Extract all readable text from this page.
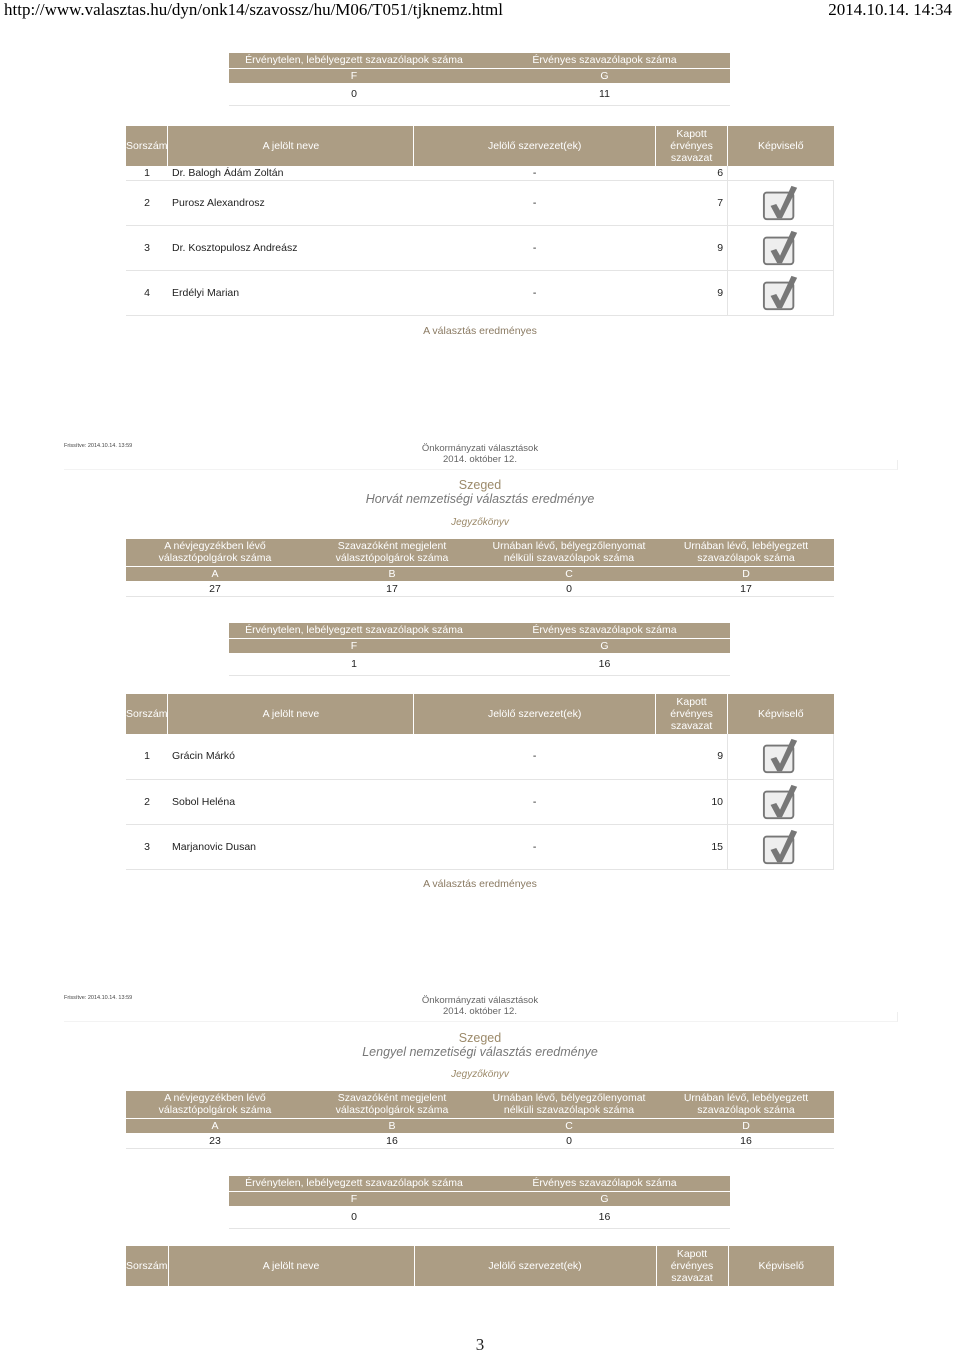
http://www.valasztas.hu/dyn/onk14/szavossz/hu/M06/T051/tjknemz.html	2014.10.14. 14:34
Érvénytelen, lebélyegzett szavazólapok száma	Érvényes szavazólapok száma
F	G
0	11
Sorszám	A jelölt neve	Jelölő szervezet(ek)	Kapott érvényes szavazat	Képviselő
1	Dr. Balogh Ádám Zoltán	-	6	
2	Purosz Alexandrosz	-	7	

3	Dr. Kosztopulosz Andreász	-	9	

4	Erdélyi Marian	-	9	
A választás eredményes
Frissítve: 2014.10.14. 13:59	Önkormányzati választások
2014. október 12.
Szeged
Horvát nemzetiségi választás eredménye
Jegyzőkönyv
A névjegyzékben lévő választópolgárok száma	Szavazóként megjelent választópolgárok száma	Urnában lévő, bélyegzőlenyomat nélküli szavazólapok száma	Urnában lévő, lebélyegzett szavazólapok száma
A	B	C	D
27	17	0	17
Érvénytelen, lebélyegzett szavazólapok száma	Érvényes szavazólapok száma
F	G
1	16
Sorszám	A jelölt neve	Jelölő szervezet(ek)	Kapott érvényes szavazat	Képviselő
1	Grácin Márkó	-	9	

2	Sobol Heléna	-	10	

3	Marjanovic Dusan	-	15	
A választás eredményes
Frissítve: 2014.10.14. 13:59	Önkormányzati választások
2014. október 12.
Szeged
Lengyel nemzetiségi választás eredménye
Jegyzőkönyv
A névjegyzékben lévő választópolgárok száma	Szavazóként megjelent választópolgárok száma	Urnában lévő, bélyegzőlenyomat nélküli szavazólapok száma	Urnában lévő, lebélyegzett szavazólapok száma
A	B	C	D
23	16	0	16
Érvénytelen, lebélyegzett szavazólapok száma	Érvényes szavazólapok száma
F	G
0	16
Sorszám	A jelölt neve	Jelölő szervezet(ek)	Kapott érvényes szavazat	Képviselő
3
